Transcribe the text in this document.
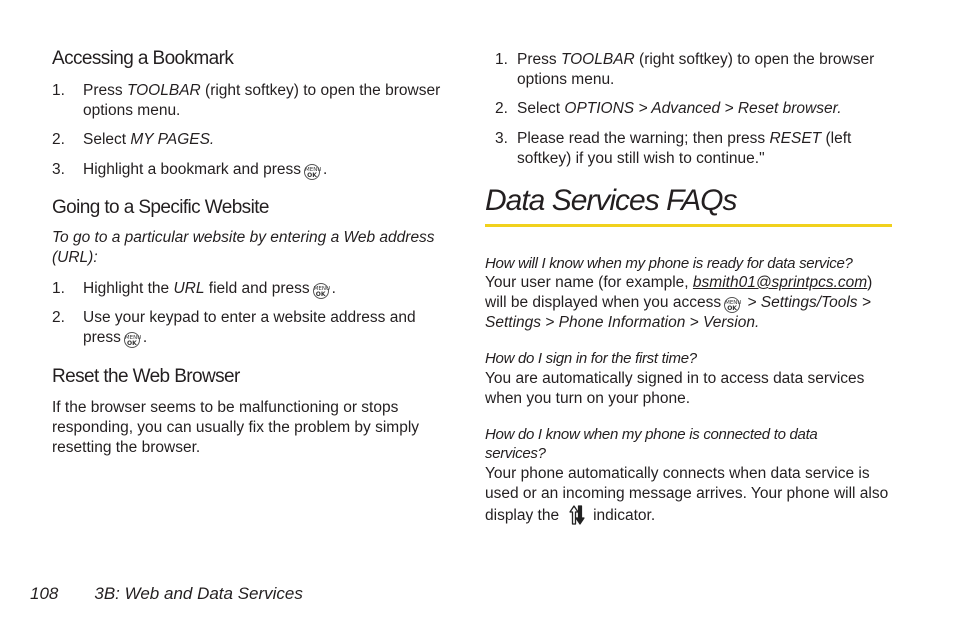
Accessing a Bookmark
1. Press TOOLBAR (right softkey) to open the browser options menu.
2. Select MY PAGES.
3. Highlight a bookmark and press MENU
OK .
Going to a Specific Website
To go to a particular website by entering a Web address (URL):
1. Highlight the URL field and press MENU
OK .
2. Use your keypad to enter a website address and press MENU
OK .
Reset the Web Browser
If the browser seems to be malfunctioning or stops responding, you can usually fix the problem by simply resetting the browser.
1. Press TOOLBAR (right softkey) to open the browser options menu.
2. Select OPTIONS > Advanced > Reset browser.
3. Please read the warning; then press RESET (left softkey) if you still wish to continue."
Data Services FAQs
How will I know when my phone is ready for data service?
Your user name (for example, bsmith01@sprintpcs.com) will be displayed when you access MENU
OK > Settings/Tools > Settings > Phone Information > Version.
How do I sign in for the first time?
You are automatically signed in to access data services when you turn on your phone.
How do I know when my phone is connected to data services?
Your phone automatically connects when data service is used or an incoming message arrives. Your phone will also display the indicator.
108 3B: Web and Data Services
